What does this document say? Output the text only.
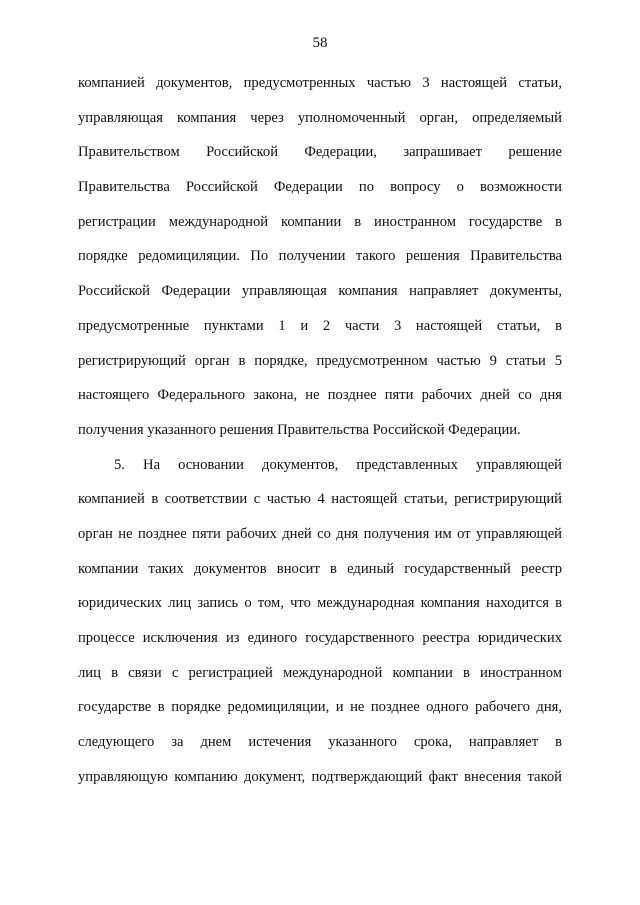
58
компанией документов, предусмотренных частью 3 настоящей статьи,
управляющая компания через уполномоченный орган, определяемый
Правительством Российской Федерации, запрашивает решение
Правительства Российской Федерации по вопросу о возможности
регистрации международной компании в иностранном государстве в
порядке редомициляции. По получении такого решения Правительства
Российской Федерации управляющая компания направляет документы,
предусмотренные пунктами 1 и 2 части 3 настоящей статьи, в
регистрирующий орган в порядке, предусмотренном частью 9 статьи 5
настоящего Федерального закона, не позднее пяти рабочих дней со дня
получения указанного решения Правительства Российской Федерации.
5. На основании документов, представленных управляющей
компанией в соответствии с частью 4 настоящей статьи, регистрирующий
орган не позднее пяти рабочих дней со дня получения им от управляющей
компании таких документов вносит в единый государственный реестр
юридических лиц запись о том, что международная компания находится в
процессе исключения из единого государственного реестра юридических
лиц в связи с регистрацией международной компании в иностранном
государстве в порядке редомициляции, и не позднее одного рабочего дня,
следующего за днем истечения указанного срока, направляет в
управляющую компанию документ, подтверждающий факт внесения такой
